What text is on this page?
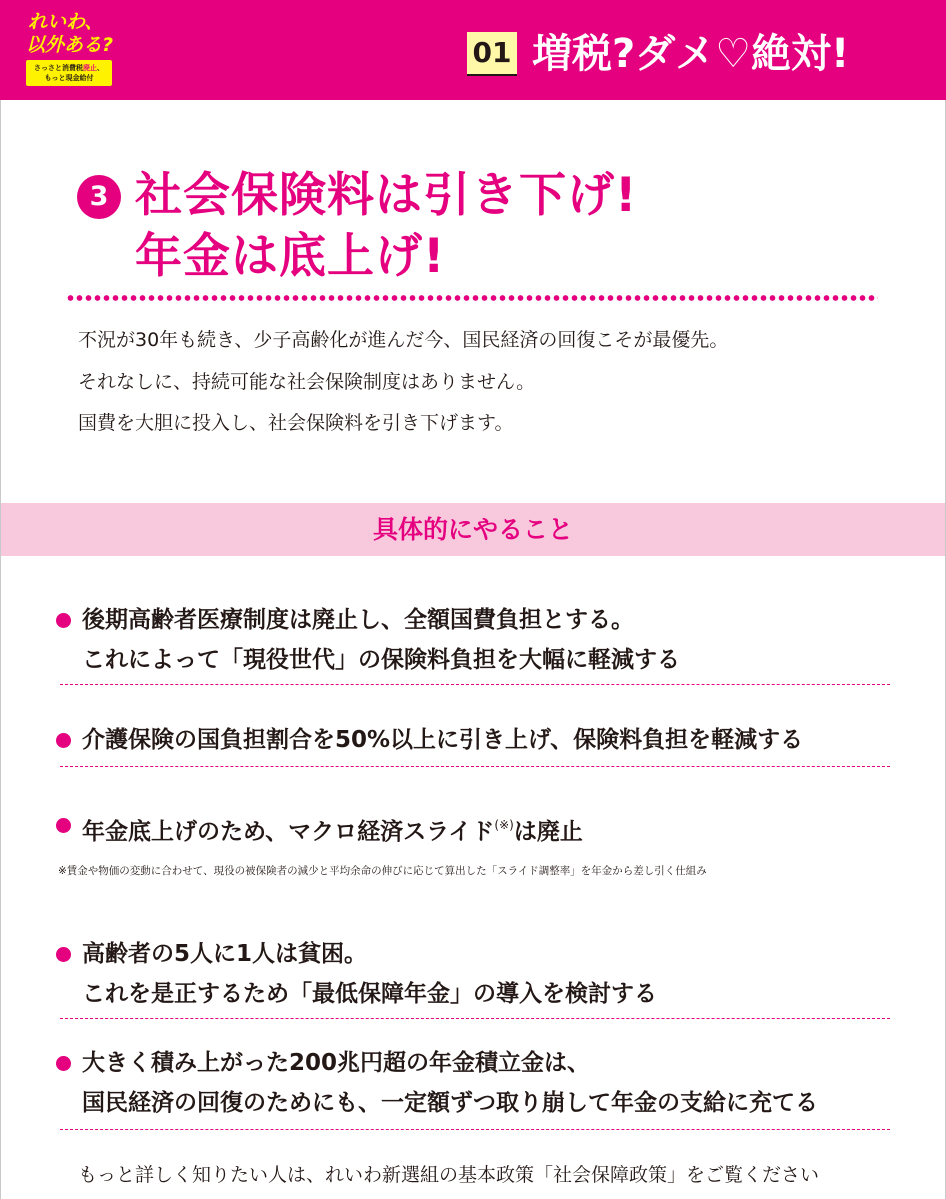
れいわ、
以外ある?
さっさと消費税廃止、
もっと現金給付
01 増税?ダメ♡絶対!
3 社会保険料は引き下げ!
年金は底上げ!
不況が30年も続き、少子高齢化が進んだ今、国民経済の回復こそが最優先。
それなしに、持続可能な社会保険制度はありません。
国費を大胆に投入し、社会保険料を引き下げます。
具体的にやること
後期高齢者医療制度は廃止し、全額国費負担とする。
これによって「現役世代」の保険料負担を大幅に軽減する
介護保険の国負担割合を50%以上に引き上げ、保険料負担を軽減する
年金底上げのため、マクロ経済スライド(※)は廃止
※賃金や物価の変動に合わせて、現役の被保険者の減少と平均余命の伸びに応じて算出した「スライド調整率」を年金から差し引く仕組み
高齢者の5人に1人は貧困。
これを是正するため「最低保障年金」の導入を検討する
大きく積み上がった200兆円超の年金積立金は、
国民経済の回復のためにも、一定額ずつ取り崩して年金の支給に充てる
もっと詳しく知りたい人は、れいわ新選組の基本政策「社会保障政策」をご覧ください
